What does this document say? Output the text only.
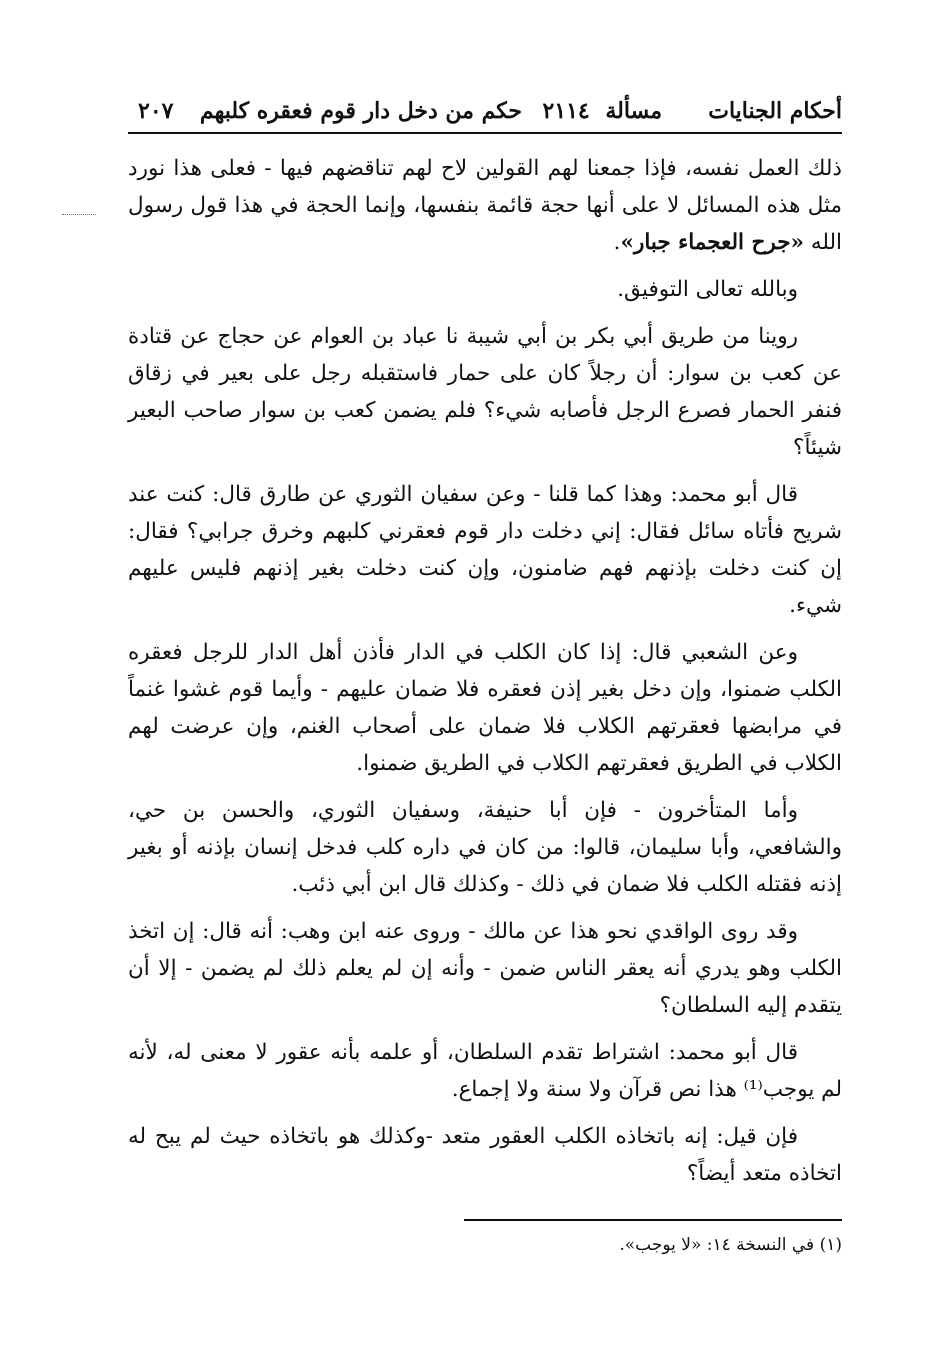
أحكام الجنايات
مسألة ٢١١٤
حكم من دخل دار قوم فعقره كلبهم
٢٠٧
ذلك العمل نفسه، فإذا جمعنا لهم القولين لاح لهم تناقضهم فيها - فعلى هذا نورد مثل هذه المسائل لا على أنها حجة قائمة بنفسها، وإنما الحجة في هذا قول رسول الله «جرح العجماء جبار».
وبالله تعالى التوفيق.
روينا من طريق أبي بكر بن أبي شيبة نا عباد بن العوام عن حجاج عن قتادة عن كعب بن سوار: أن رجلاً كان على حمار فاستقبله رجل على بعير في زقاق فنفر الحمار فصرع الرجل فأصابه شيء؟ فلم يضمن كعب بن سوار صاحب البعير شيئاً؟
قال أبو محمد: وهذا كما قلنا - وعن سفيان الثوري عن طارق قال: كنت عند شريح فأتاه سائل فقال: إني دخلت دار قوم فعقرني كلبهم وخرق جرابي؟ فقال: إن كنت دخلت بإذنهم فهم ضامنون، وإن كنت دخلت بغير إذنهم فليس عليهم شيء.
وعن الشعبي قال: إذا كان الكلب في الدار فأذن أهل الدار للرجل فعقره الكلب ضمنوا، وإن دخل بغير إذن فعقره فلا ضمان عليهم - وأيما قوم غشوا غنماً في مرابضها فعقرتهم الكلاب فلا ضمان على أصحاب الغنم، وإن عرضت لهم الكلاب في الطريق فعقرتهم الكلاب في الطريق ضمنوا.
وأما المتأخرون - فإن أبا حنيفة، وسفيان الثوري، والحسن بن حي، والشافعي، وأبا سليمان، قالوا: من كان في داره كلب فدخل إنسان بإذنه أو بغير إذنه فقتله الكلب فلا ضمان في ذلك - وكذلك قال ابن أبي ذئب.
وقد روى الواقدي نحو هذا عن مالك - وروى عنه ابن وهب: أنه قال: إن اتخذ الكلب وهو يدري أنه يعقر الناس ضمن - وأنه إن لم يعلم ذلك لم يضمن - إلا أن يتقدم إليه السلطان؟
قال أبو محمد: اشتراط تقدم السلطان، أو علمه بأنه عقور لا معنى له، لأنه لم يوجب⁽¹⁾ هذا نص قرآن ولا سنة ولا إجماع.
فإن قيل: إنه باتخاذه الكلب العقور متعد -وكذلك هو باتخاذه حيث لم يبح له اتخاذه متعد أيضاً؟
(١) في النسخة ١٤: «لا يوجب».
